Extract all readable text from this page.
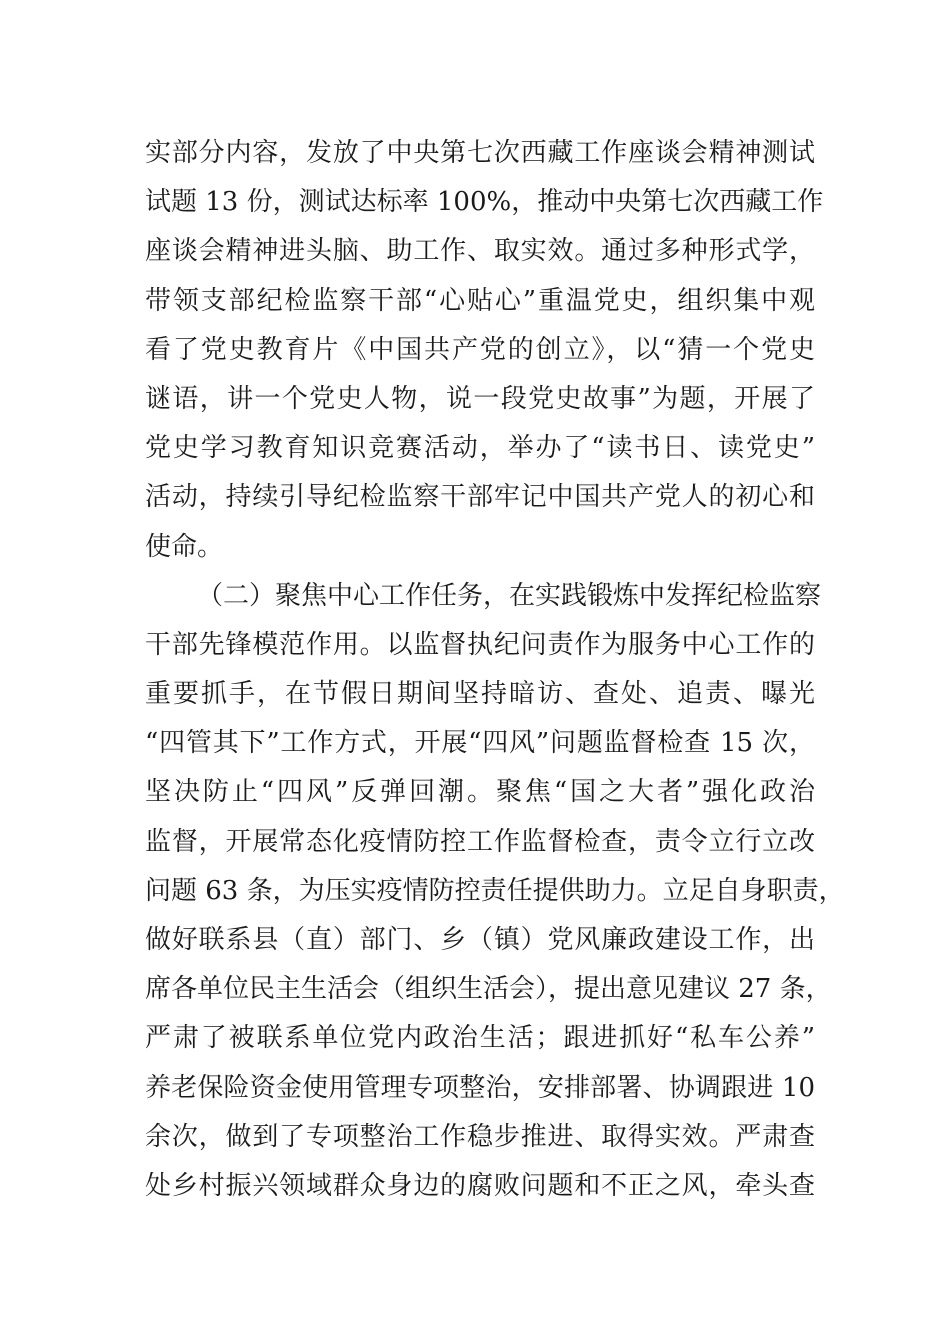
实部分内容，发放了中央第七次西藏工作座谈会精神测试
试题 13 份，测试达标率 100%，推动中央第七次西藏工作
座谈会精神进头脑、助工作、取实效。通过多种形式学，
带领支部纪检监察干部“心贴心”重温党史，组织集中观
看了党史教育片《中国共产党的创立》，以“猜一个党史
谜语，讲一个党史人物，说一段党史故事”为题，开展了
党史学习教育知识竞赛活动，举办了“读书日、读党史”
活动，持续引导纪检监察干部牢记中国共产党人的初心和
使命。
（二）聚焦中心工作任务，在实践锻炼中发挥纪检监察
干部先锋模范作用。以监督执纪问责作为服务中心工作的
重要抓手，在节假日期间坚持暗访、查处、追责、曝光
“四管其下”工作方式，开展“四风”问题监督检查 15 次，
坚决防止“四风”反弹回潮。聚焦“国之大者”强化政治
监督，开展常态化疫情防控工作监督检查，责令立行立改
问题 63 条，为压实疫情防控责任提供助力。立足自身职责，
做好联系县（直）部门、乡（镇）党风廉政建设工作，出
席各单位民主生活会（组织生活会），提出意见建议 27 条，
严肃了被联系单位党内政治生活；跟进抓好“私车公养”
养老保险资金使用管理专项整治，安排部署、协调跟进 10
余次，做到了专项整治工作稳步推进、取得实效。严肃查
处乡村振兴领域群众身边的腐败问题和不正之风，牵头查
